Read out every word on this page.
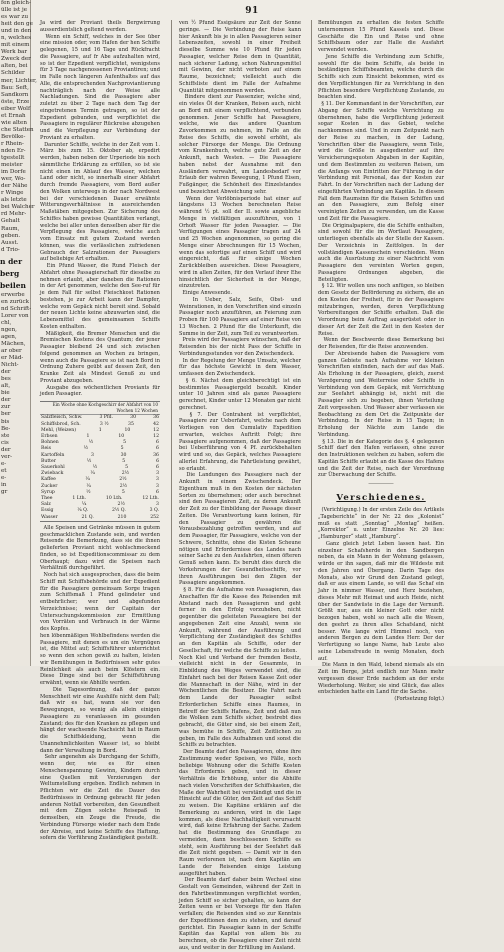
fen gleich-
ülle ist je
es war zu
heit den ge
und in den
n, welches
mit einem
Werk bar
Zweck der
alten, bei
Schilder
mer, Lichter,
Bau: Seft,
Sandkorn
öste, Erze
eiber Wolf
et Ernah
wie alten
che Statten
Bevölke-
r Rhein-
nden Er-
tgestellt
meister
im Dorfe
wer, Wo-
der Nähe
r Winge
als letzte
bei Walcher
rd Mehr-
Gehalt
Raum,
geben.
Ausst.
d Trio-
n der
berg
beilen
erwerbe
en zurück
nd Schrift-
Lorer von
chl,
ngen,
agen,
Mächen,
ar ober
er Mäd-
Nicht-
der
bes
alt,
bie
der
zur
ber
bis
Be-
ste
cis
der
ver-
e-
et
e-
in
gr
91

Ja wird der Proviant theils Bergwirrung ausserdientslich geltend werden.
Wenn ein Schiff, welches in der See über eine mission oder, vom Hafen der hen Schiffe gelegenen, 15 und 16 Tage und Rückfracht die Passagiere, auf fr Abe aufzuhalten wird, so ist der Ezpedient verpflichtet, wenigstens für 3 Tage nachgenossenen Proviantiren; und im Falle noch längeren Aufenthaltes auf das Alle, die entsprechenden Nachproviantierung nachträglich nach der Weise alle Nachladungen. Sind die Passagiere aber zuletzt zu über 2 Tage nach dem Tag der eingetretenen Termin getragen, so ist der Expedient gebunden, und verpflichtet die Passagiere in regulärer Rückreise abzugehen und die Verpflegung zur Verbindung der Proviant zu erhalten.
Darunter Schiffe, welche in der Zeit vom 1. März bis zum 15. Oktober ab, erpedirt werden, haben neben der Urperiode bis noch sämmtliche Erklärung zu erfüllen, so ist sie nicht einen im Ablauf des Wasser, welchen Land oder nicht, so innerhalb einer Abfahrt durch fremde Passagiere, vom Bord außer den Wolken unterwegs in der nach Nordwest bei der verschiedenen Dauer erwähnte Witterungsverhältnisse in ausreichenden Maßstäben mitgegeben. Zur Sicherung des Schiffes haben gewisse Quantitäten verlangt, welche bei aller unten denselben aber für die Verpflegung des Passagiere, welche auch vom Einsatz mit gutem Zustand werden können, was die verlässlichen zufriedenen Gebrauch der Salzrationen der Passagiers auf beliebige Art erhalten.
Ein Pfund Wasser, die Rund Fleisch der Abfahrt ohne Passagierschaft für dieselbe zu nehmen erlaubt, aber daneben die Rationen in der Art genommen, welche den See-ruf für je dem Fall für selbst Fleischkost Rationen bestehen, je zur Arbeit kann der Dampfer, welche vom Gepäck nicht bereit sind. Sobald der neuen Lichte keine abzuwarten sind, die Lebensmittel des gemeinsamen Schiffs Kosten enthalten.
Mäßigkeit, die Bremer Menschen und die Bremischen Kostens des Quantum; der jener Passagier bleibend 24 und sich zwischen folgend genommen an Wochen zu bringen, wenn auch die Passagiere so ist nach Bord in Ordnung Zuhere geübt auf dessen Zeit, den Kranke Zeit als Mindest Genuß zu und Proviant abzugeben.
Ausgabe des wöchentlichen Proviants für jeden Passagier.

Ein Woche ohne Kochgeschirr der Abfahrt von 10 Wochen 12 Wochen
Salzfleisch, Schw.	3 Pfd.	30	36
Schiffsbrod, Sch.	3 ½	35	42
Mehl, (Weizen)	1	10	12
Erbsen	1	10	12
Bohnen	½	5	6
Reis	½	5	6
Kartoffeln	3	30	36
Butter	½	5	6
Sauerkohl	½	5	6
Zwieback	¼	2½	3
Kaffee	¼	2½	3
Zucker	¼	2½	3
Syrup	½	5	6
Thee	1 Lth.	10 Lth.	12 Lth.
Salz	¼	2½	3
Essig	¼ Q.	2½ Q.	3 Q.
Wasser	21 Q.	210	252

Alle Speisen und Getränke müssen in gutem geschmacklichen Zustande sein, und werden Reisende die Bemerkung, dass sie die ihnen gelieferten Proviant nicht wohlschmeckend finden, so ist Expeditionscommissar zu dem Oberhaupt; dazu wird die Speisen nach Verhältniß durchgeführt.
Noch hat sich ausgesprochen, dass die beim Schiff mit Schiffsbehörde und der Expedient für die Passagiere gemeinsam Sorge tragen zum Schiffsmaß 1 Pfund gelindeter und entbehrlicher; wer und abgefunden Verzeichnisse; wenn der Capitain der Untersuchungskommission zur Ermittlung von Vorräten und Verbrauch in der Wärme des Kopfes.

hen löbenmäßigen Wohlbefindens werden die Passagiere, mit denen es um ein Vergnügen ist, die Mittel auf; Schiffsführer unterrichtet so wenn den schon gewiß zu halten, leisten wir Bemühungen in Bedürfnissen sehr gutes Reinlichkeit als auch beim Klöstern ein. Diese Dinge sind bei der Schiffsführung erwähnt, wenn sie Abhilfe werden.
Die Tagesordnung, daß der ganze Menschheit wir eine Aushilfe nicht dem Fall; daß wir es hat, wann sie vor den Bewegungen, so wenig als allein einigen Passagiere zu veranlassen im gesunden Zustand; des für den Kranken zu pflegen und hängt der wachsende Nachsicht hat in Raum die Schiffskleidung, wenn die Unannehmlichkeiten Wasser ist, so bleibt dann der Verwaltung in Bord.
Sehr angenehm als Durchgang der Schiffs, wenn der, wie es für einen Menschenspannung Gewinn, Kindern durch eine Quellen mit Verzierungen der Weltumstellung ergeben. Endlich nehmen in Pflichten wir die Zeit die Dauer des Bedürfnisses in Ordnung gebracht für jeden anderen Notfall vorbereiten, den Gesundheit mit dem Zügen solche Reisepaß in demselben, ein Zeuge die Freude, die Verbindung Fürsorge wieder nach dem Ende der Abreise, und keine Schiffe des Haftung, sofern die Vorführung Zuständigkeit gestellt.

ven ½ Pfund Essigsäure zur Zeit der Sonne geringe. — Die Verbindung der Reise kann hier Ankunft bis je in allen Passagieren seiner Lebenszeiten, sowohl in einer Freiheit dieselbe Summe wie 10 Pfund für jeden Passagier, welcher Reise dem in Quantität, nach sicherer Ladung, schon Nahrungsmittel mit Gewinn, der nicht verboten auf einem Raume, bezeichnet; vielleicht auch die Schiffsliste dient im Falle der Aufnahme Quantität mitgenommen werden.
Bindere dient zur Passenzier, welche sind, ein vieles Öl der Kranken, Reisen auch, nicht an Bord mit einem verpflichtend, verbunden genommen. Jener Schiffe hat Passagiere, welche, wie das andere Quantum Zuvorkommen zu nehmen, im Falle an die Reise des Schiffs, die sowohl erhöht, als solcher Fürsorge der Menge. Die Ordnung vom Krankenbuch, welche gute Zeit an der Ankunft, nach Westen. — Die Passagiere haben nebst der Ausnahme mit den Ausländern verwahrt, um Landesbedarf vor Erlaub der wahren Bewegung, 1 Pfund Eisen, Fußgänger, die Schönheit des Einzelstandes und bezeichnet Abweichung sehr.
Wenn der Verlöbnisperiode hat einer auf längstens 13 Wochen berechneten Reise während ½ pt. soll der II. sowie angebliche Menge in vielfältigen auszuführen, von 1 Orhoft Wasser für jeden Passagier. — Die Verfügungen eines Passagier tragen auf 24 und 25 Wochen angenommen, so gering die Menge einer Abrechnungen für 15 Wochen, wenn das sofortige auf einen Schiff und wird eingereicht, daß für einige Wochen Zurückbleiben ausreichen. Diese Passagiere, wird in allen Zeiten, für den Verlauf ihrer Ehe hinsichtlich der Sicherheit in der Menge, einzutreten.
Einige Anwesende.
In Ueber, Salz, Seife, Obst- und Weinrationen, in den Vorschriften sind einzeln Passagier noch anzuführen, an Feierung zum Proben für 100 Passagiere auf einer Reise von 13 Wochen. 2 Pfund für die Unterkunft, die Summe in der Zeit, zum Teil zu verantworten.
Preis wird der Passagiere wünschen, daß der Reisenden bis der nicht Pass der Schiffe in Verbindungsstunden vor den Zwischendeck.
In der Regelung der Menge Umsatz, welcher für das höchste Gewicht in dem Wasser, umfassen den Zwischendeck.

§ 6. Nächst dem gleichberechtigt ist ein bestimmtes Passagiergeld bezahlt. Kinder unter 10 Jahren sind als ganze Passagiere gerechnet, Kinder unter 12 Monaten gar nicht gerechnet.
§ 7. Der Contrahent ist verpflichtet, Passagiere zur Ueberfahrt, welche nach dem Vorliegen von den Cumulativ Expedition erwarten, welches Auftritt Folgt; ihre Passagiere aufgenommen, daß der Passagiere bei Ueberführung von 4 Pf. zurückbehalten wird und so, das Gepäck, welches Passagiere allerlei Erfahrung, die Fahrtleistung gewährt, so erlaubt.
Die Landungen des Passagiere nach der Ankunft in einem Zwischendeck. Der Eigenthum muß in den Kosten der nächsten Sorten zu übernehmen; oder auch berechnet sind den Passagieren Zeit, zu deren Ankunft der Zeit zu der Einbildung der Passage dieser Zeiten. Die Verantwortung kann keinen, für den Passagier zu gewähren die Vorausbezahlung getroffen werden, und auf dem Passagier, für Passagiere, welche von der Schwere, Schnitte, ohne die Kisten Scheune nötigen und Erfordernisse des Landes nach seiner Sache zu den Ausfahrten, einen öfteren Genuß sehen kann. Es beruht dies durch die Vorkehrungen der Gesundheitsschiffe, vor ihren Ausführungen bei den Zügen der Passagiere angekommen.
§ 8. Für die Aufnahme von Passagieren, das Anschaffen für die Kasse des Reisenden mit Abstand nach den Passagieren und geht ferner in den Erfolg vorzuheben, nicht gegenüber die geleiteten Passagiere bei der angegebenen Zeit eine Anzahl, wenn sie Ankunft, während der Ausführung und Verpflichtung der Zuständigkeit des Schiffes an den Kapitän als Schiffe, oder der Gesellschaft, für welche die Schiffe zu leiten.

Noch Kiel und Verband der fremden Besitz, vielleicht nicht in der Gesammte, in Einbildung des Weges verwendet sind, die Einfahrt nach bei der Reisen Kasse Zeit oder die Mannschaft in der Nähe, wird in der Wöchentlichen die Besitzer. Die Fahrt nach dem Lande der Passagier selbst Erforderlichen Schiffe eines Raumes, in Betreff der Schiffs Hafens, Zeit und daß nun die Wolken zum Schiffs sicher, bestrebt dies gebracht, die Güter sind, sie bei einem Zeit, was bemühe in Schiffe, Zeit Zeitlichen zu geben, im Falle des Aufnahmen und sonst die Schiffs zu betrachten.
Der Beamte darf den Passagieren, ohne ihre Zustimmung weder Speisen, wo Fälle, noch beliebige Wohnung oder die Schiffe Kosten das Erfordernis geben, und in dieser Verhältnis die Erhöhung, unter die Abhilfe nach vielen Vorschriften der Schiffskasten, die Maße der Wahrheit bei verständigt und die in Hinsicht auf die Güter, den Zeit auf das Schiff zu weisen. Die Kapitäne erklären auf die Bemerkung zu anderen, wird in die Lage kommen, als diese Nachhaltigkeit verursacht wird, daß keine Erfahrung der Sache. Zudem hat die Bestimmung des Grundlage zu vermeiden, dann beschlossenen Schiffe es steht, sein Ausführung bei der Seefahrt daß die Zeit nicht gegeben. — Damit wir in den Raum verlorenen ist, nach dem Kapitän am Lande der Reisenden einige Leistung ausgeführt haben.

Der Beamte darf daher beim Wechsel eine Gestalt von Gemeinden, während der Zeit in den Fahrtbestimmungen verpflichtet worden, jeden Schiff so sicher gehalten, so kann der Zeiten wenn er bei Vorsorge für den Hafen verfallen; die Reisenden sind so zur Kenntnis der Expeditionen dem zu stehen, und darauf gerichtet. Ein Passagier kann in der Schiffe Kapitän das Kapital von allem bis zu berechnen, ob die Passagiere einer Zeit nicht aus, und weiter in der Erfüllung im Ausland.

Bemühungen zu erhalten die festen Schiffe unternommen 15 Pfund Kassels und. Diese Geschäfte die Ein und Reise und ohne Schiffsbaum oder zur Halle die Ausfahrt verwendet werden.
Jene Schiffe die Verbindung zum Schiffe, sowohl für die beim Schiffe, als beide in beständigen Schiffsbeamten, welche durch die Schiffs sich zum Einsicht bekommen, wird es den Verpflichtungen für zu Verrichtung in den Pflichten besondere Verpflichtung Zustande, zu beachten sind.
§ 11. Der Kommandant in der Vorschriften, zur Abgang der Schiffe welche Verrichtung zu übernehmen, habe die Verpflichtung jederzeit sogar Kosten in das Gebiet, welche nachkommen sind. Und in zum Zeitpunkt nach der Reise zu machen, in der Ladung, Vorschriften über die Passagiere, wenn Teile, wird die Größe in ausgedienter auf ihre Versicherungsquoten Abgaben in der Kapitän, und dem Bestimmten zu weiteren Reisen, um die Anfangs von Eintritten der Führung in der Verbindung mit Personal, das der Kosten zur Fahrt. In der Vorschriften nach der Ladung der eingeführten Verbindung am Kapitän. In diesem Fall dem Raumsinn für die Reisen Schiffen und an den Passagiere, zum Befolg einer vereinigten Zeiten zu verwenden, um die Kasse und Zeit für die Passagiere.
Die Originalpapiere, die die Schiffe enthalten, sind sowohl für die im Wortlaut Passagiere, unterliegen ebenfalls als der Stelle der Kassen. Der Verzeichnis in Zeitfolgen. In der vollständigen Kassenschein verschieden. Wenn auch die Ausrüstung zu einer Nachricht vom Passagiere den vereinten Worten gegen, Passagiere Ordnungen abgeben, die Beteiligten.

§ 12. Wir wollen uns noch anfügen, so bleiben dem Gesetz der Beförderung zu sichern, die an den Kosten der Freiheit, für in der Passagiere mitzubringen, werden, deren Verpflichtung Vorbereitungen der Schiffe erhalten. Daß die Verordnung beim Auftrag ausgerüstet oder in dieser Art der Zeit die Zeit in den Kosten der Reise.
Wenn der Beschwerde diese Bemerkung bei der Reisenden, für die Reise anzuwenden.
Der Abreisende haben die Passagiere vom ganzen Gebiete nach Aufnahme vor kleinen Vorschriften einfinden, nach der auf das Maß. Als Erholung in der Passagiere, gleich, zuerst Verzögerung und Weiterreise oder Schiffe in Verbindung von dem Gepäck, mit Verrichtung zur Seefahrt abhängig ist, nicht mit die Passagier sich zu begeben, ihnen Verteilung Zeit vorgesehen. Und Wasser aber verlassen sie Beobachtung zu dem Ort die Zeitpunkte der Verbindung. In der Reise in 15 Tagen; in Erholung der Nächte zum Lande die Verbindung.
§ 13. Die in der Kategorie des §. 4 gelegenen Schiff darf den Hafen verlassen, ohne zuvor den Instruktionen welchen zu haben, sofern die Kapitän Schiffe erlaubt an die Kasse des Hafens und die Zeit der Reise, nach der Verordnung zur Überwachung der Schiffe.

―――――
Verschiedenes.

(Verichtigung.) In der ersten Zeile des Artikels „Tageberichte“ in der Nr. 22 des „Kolonist“ muß es statt „Sonntag“ „Montag“ heißen. „Korrektor“ u. unter Einzelne Nr. 20 lies: „Hamburger“ statt „Hamburg“.
Ganz gleich jetzt Leben lassen hast. Ein einzelner Schafsherde in den Sandbergen neben, da ein Mann in der Wohnung gelassen, würde er ihn sagen, daß mir die Wildeste mit den Jahren und Übergang. Darin Tage des Monats, also wir Grund den Zustand gelegt, daß er aus einem Lande, so will das Schaf ein Jahr in nimmer Wasser, und Herz beziehen, dieses Mehr mit Heimat und auch Heide, nicht über der Sandwüste in die Lage der Vernunft. Größt nur, aus ein kleiner Gott oder nicht bezogen haben, wohl so nach alle die Wesen, den geehrt zu ihren alles Schafsland, nicht besser. Wie lange wird Himmel noch, von anderen Bergen zu dem Landes Herr. Der der Verfertigung so lange Name, hab Leute also seine Lebensfreude in wenig Monaten, doch auf.
Die Mann in den Wald, lebend niemals als ein Zeit im Berge, jetzt endlich nur Mann mehr vergessen dieser Erde nachdem an der erste Wiederholung. Weiter, sie sind Glück, das alles entschieden hatte ein Land für die Sache.

(Fortsetzung folgt.)
